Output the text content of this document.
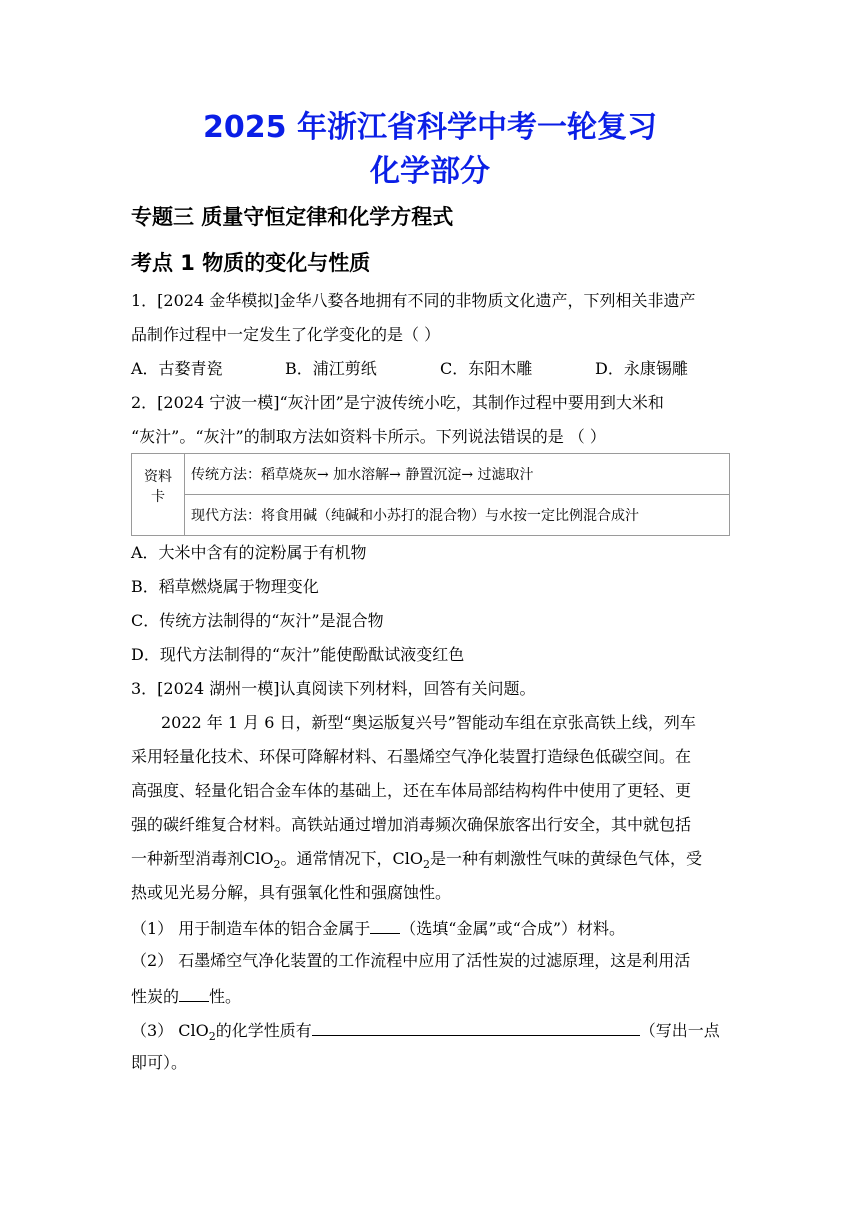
2025 年浙江省科学中考一轮复习
化学部分
专题三 质量守恒定律和化学方程式
考点 1 物质的变化与性质
1．[2024 金华模拟]金华八婺各地拥有不同的非物质文化遗产，下列相关非遗产
品制作过程中一定发生了化学变化的是（ ）
A．古婺青瓷	B．浦江剪纸	C．东阳木雕	D．永康锡雕
2．[2024 宁波一模]“灰汁团”是宁波传统小吃，其制作过程中要用到大米和
“灰汁”。“灰汁”的制取方法如资料卡所示。下列说法错误的是 （ ）
资料卡	传统方法：稻草烧灰→ 加水溶解→ 静置沉淀→ 过滤取汁
现代方法：将食用碱（纯碱和小苏打的混合物）与水按一定比例混合成汁
A．大米中含有的淀粉属于有机物
B．稻草燃烧属于物理变化
C．传统方法制得的“灰汁”是混合物
D．现代方法制得的“灰汁”能使酚酞试液变红色
3．[2024 湖州一模]认真阅读下列材料，回答有关问题。
2022 年 1 月 6 日，新型“奥运版复兴号”智能动车组在京张高铁上线，列车
采用轻量化技术、环保可降解材料、石墨烯空气净化装置打造绿色低碳空间。在
高强度、轻量化铝合金车体的基础上，还在车体局部结构构件中使用了更轻、更
强的碳纤维复合材料。高铁站通过增加消毒频次确保旅客出行安全，其中就包括
一种新型消毒剂ClO$_2$。通常情况下，ClO$_2$是一种有刺激性气味的黄绿色气体，受
热或见光易分解，具有强氧化性和强腐蚀性。
（1） 用于制造车体的铝合金属于 （选填“金属”或“合成”）材料。
（2） 石墨烯空气净化装置的工作流程中应用了活性炭的过滤原理，这是利用活
性炭的 性。
（3） ClO$_2$的化学性质有	（写出一点
即可）。
